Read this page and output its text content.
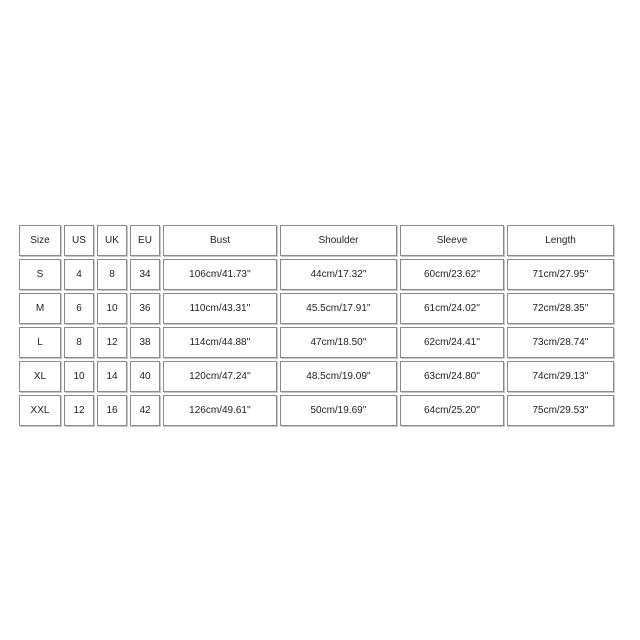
Size	US	UK	EU	Bust	Shoulder	Sleeve	Length
S	4	8	34	106cm/41.73''	44cm/17.32''	60cm/23.62''	71cm/27.95''
M	6	10	36	110cm/43.31''	45.5cm/17.91''	61cm/24.02''	72cm/28.35''
L	8	12	38	114cm/44.88''	47cm/18.50''	62cm/24.41''	73cm/28.74''
XL	10	14	40	120cm/47.24''	48.5cm/19.09''	63cm/24.80''	74cm/29.13''
XXL	12	16	42	126cm/49.61''	50cm/19.69''	64cm/25.20''	75cm/29.53''
